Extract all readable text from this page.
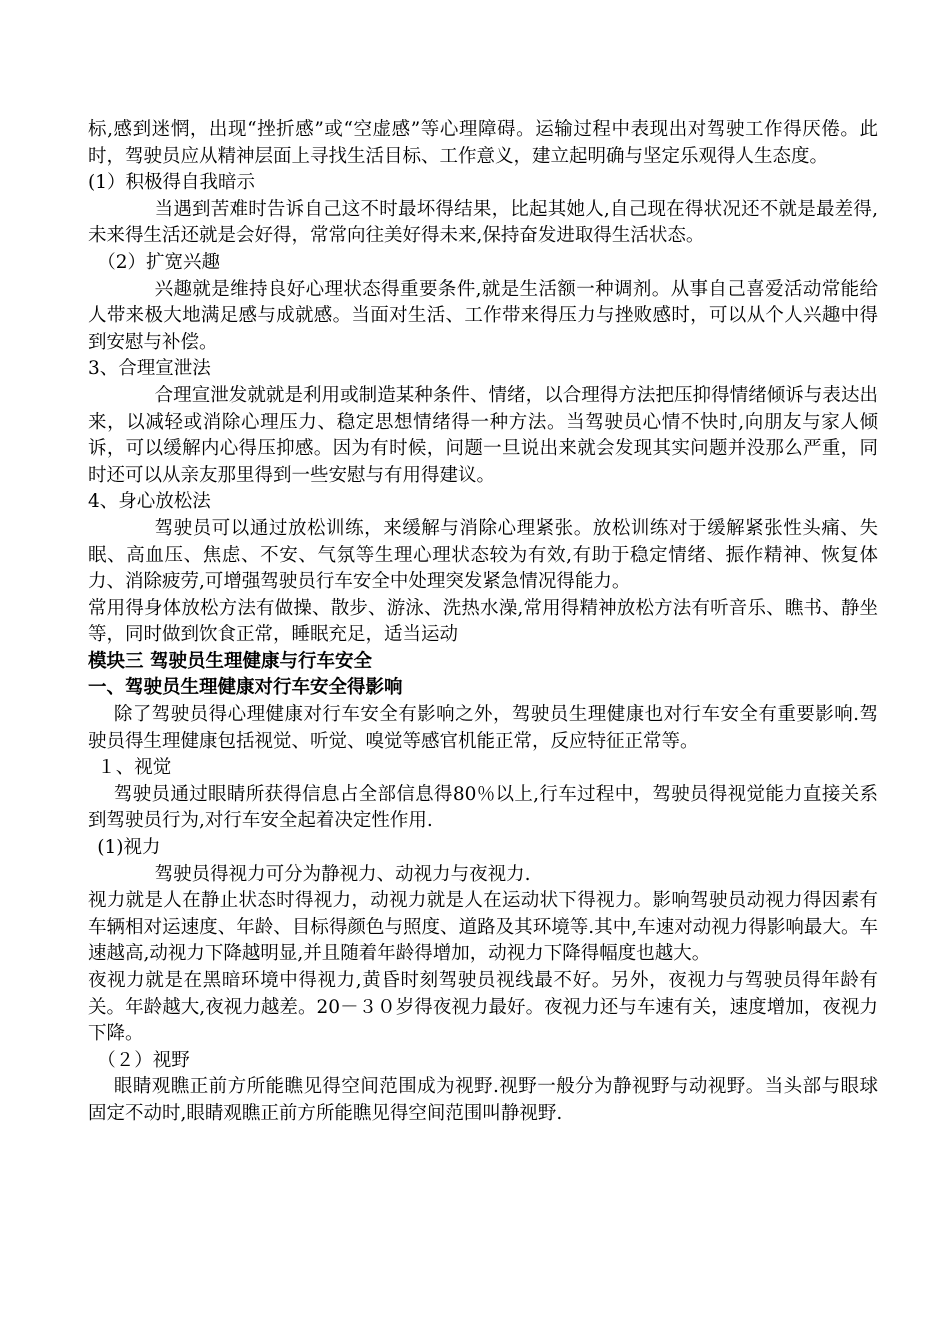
标,感到迷惘，出现“挫折感”或“空虚感”等心理障碍。运输过程中表现出对驾驶工作得厌倦。此时，驾驶员应从精神层面上寻找生活目标、工作意义，建立起明确与坚定乐观得人生态度。

(1）积极得自我暗示

当遇到苦难时告诉自己这不时最坏得结果，比起其她人,自己现在得状况还不就是最差得,未来得生活还就是会好得，常常向往美好得未来,保持奋发进取得生活状态。

（2）扩宽兴趣

兴趣就是维持良好心理状态得重要条件,就是生活额一种调剂。从事自己喜爱活动常能给人带来极大地满足感与成就感。当面对生活、工作带来得压力与挫败感时，可以从个人兴趣中得到安慰与补偿。

3、合理宣泄法

合理宣泄发就就是利用或制造某种条件、情绪，以合理得方法把压抑得情绪倾诉与表达出来，以减轻或消除心理压力、稳定思想情绪得一种方法。当驾驶员心情不快时,向朋友与家人倾诉，可以缓解内心得压抑感。因为有时候，问题一旦说出来就会发现其实问题并没那么严重，同时还可以从亲友那里得到一些安慰与有用得建议。

4、身心放松法

驾驶员可以通过放松训练，来缓解与消除心理紧张。放松训练对于缓解紧张性头痛、失眠、高血压、焦虑、不安、气氛等生理心理状态较为有效,有助于稳定情绪、振作精神、恢复体力、消除疲劳,可增强驾驶员行车安全中处理突发紧急情况得能力。

常用得身体放松方法有做操、散步、游泳、洗热水澡,常用得精神放松方法有听音乐、瞧书、静坐等，同时做到饮食正常，睡眠充足，适当运动

模块三 驾驶员生理健康与行车安全

一、驾驶员生理健康对行车安全得影响

除了驾驶员得心理健康对行车安全有影响之外，驾驶员生理健康也对行车安全有重要影响.驾驶员得生理健康包括视觉、听觉、嗅觉等感官机能正常，反应特征正常等。

１、视觉

驾驶员通过眼睛所获得信息占全部信息得80％以上,行车过程中，驾驶员得视觉能力直接关系到驾驶员行为,对行车安全起着决定性作用.

(1)视力

驾驶员得视力可分为静视力、动视力与夜视力.

视力就是人在静止状态时得视力，动视力就是人在运动状下得视力。影响驾驶员动视力得因素有车辆相对运速度、年龄、目标得颜色与照度、道路及其环境等.其中,车速对动视力得影响最大。车速越高,动视力下降越明显,并且随着年龄得增加，动视力下降得幅度也越大。

夜视力就是在黑暗环境中得视力,黄昏时刻驾驶员视线最不好。另外，夜视力与驾驶员得年龄有关。年龄越大,夜视力越差。20－３０岁得夜视力最好。夜视力还与车速有关，速度增加，夜视力下降。

（２）视野

眼睛观瞧正前方所能瞧见得空间范围成为视野.视野一般分为静视野与动视野。当头部与眼球固定不动时,眼睛观瞧正前方所能瞧见得空间范围叫静视野.
